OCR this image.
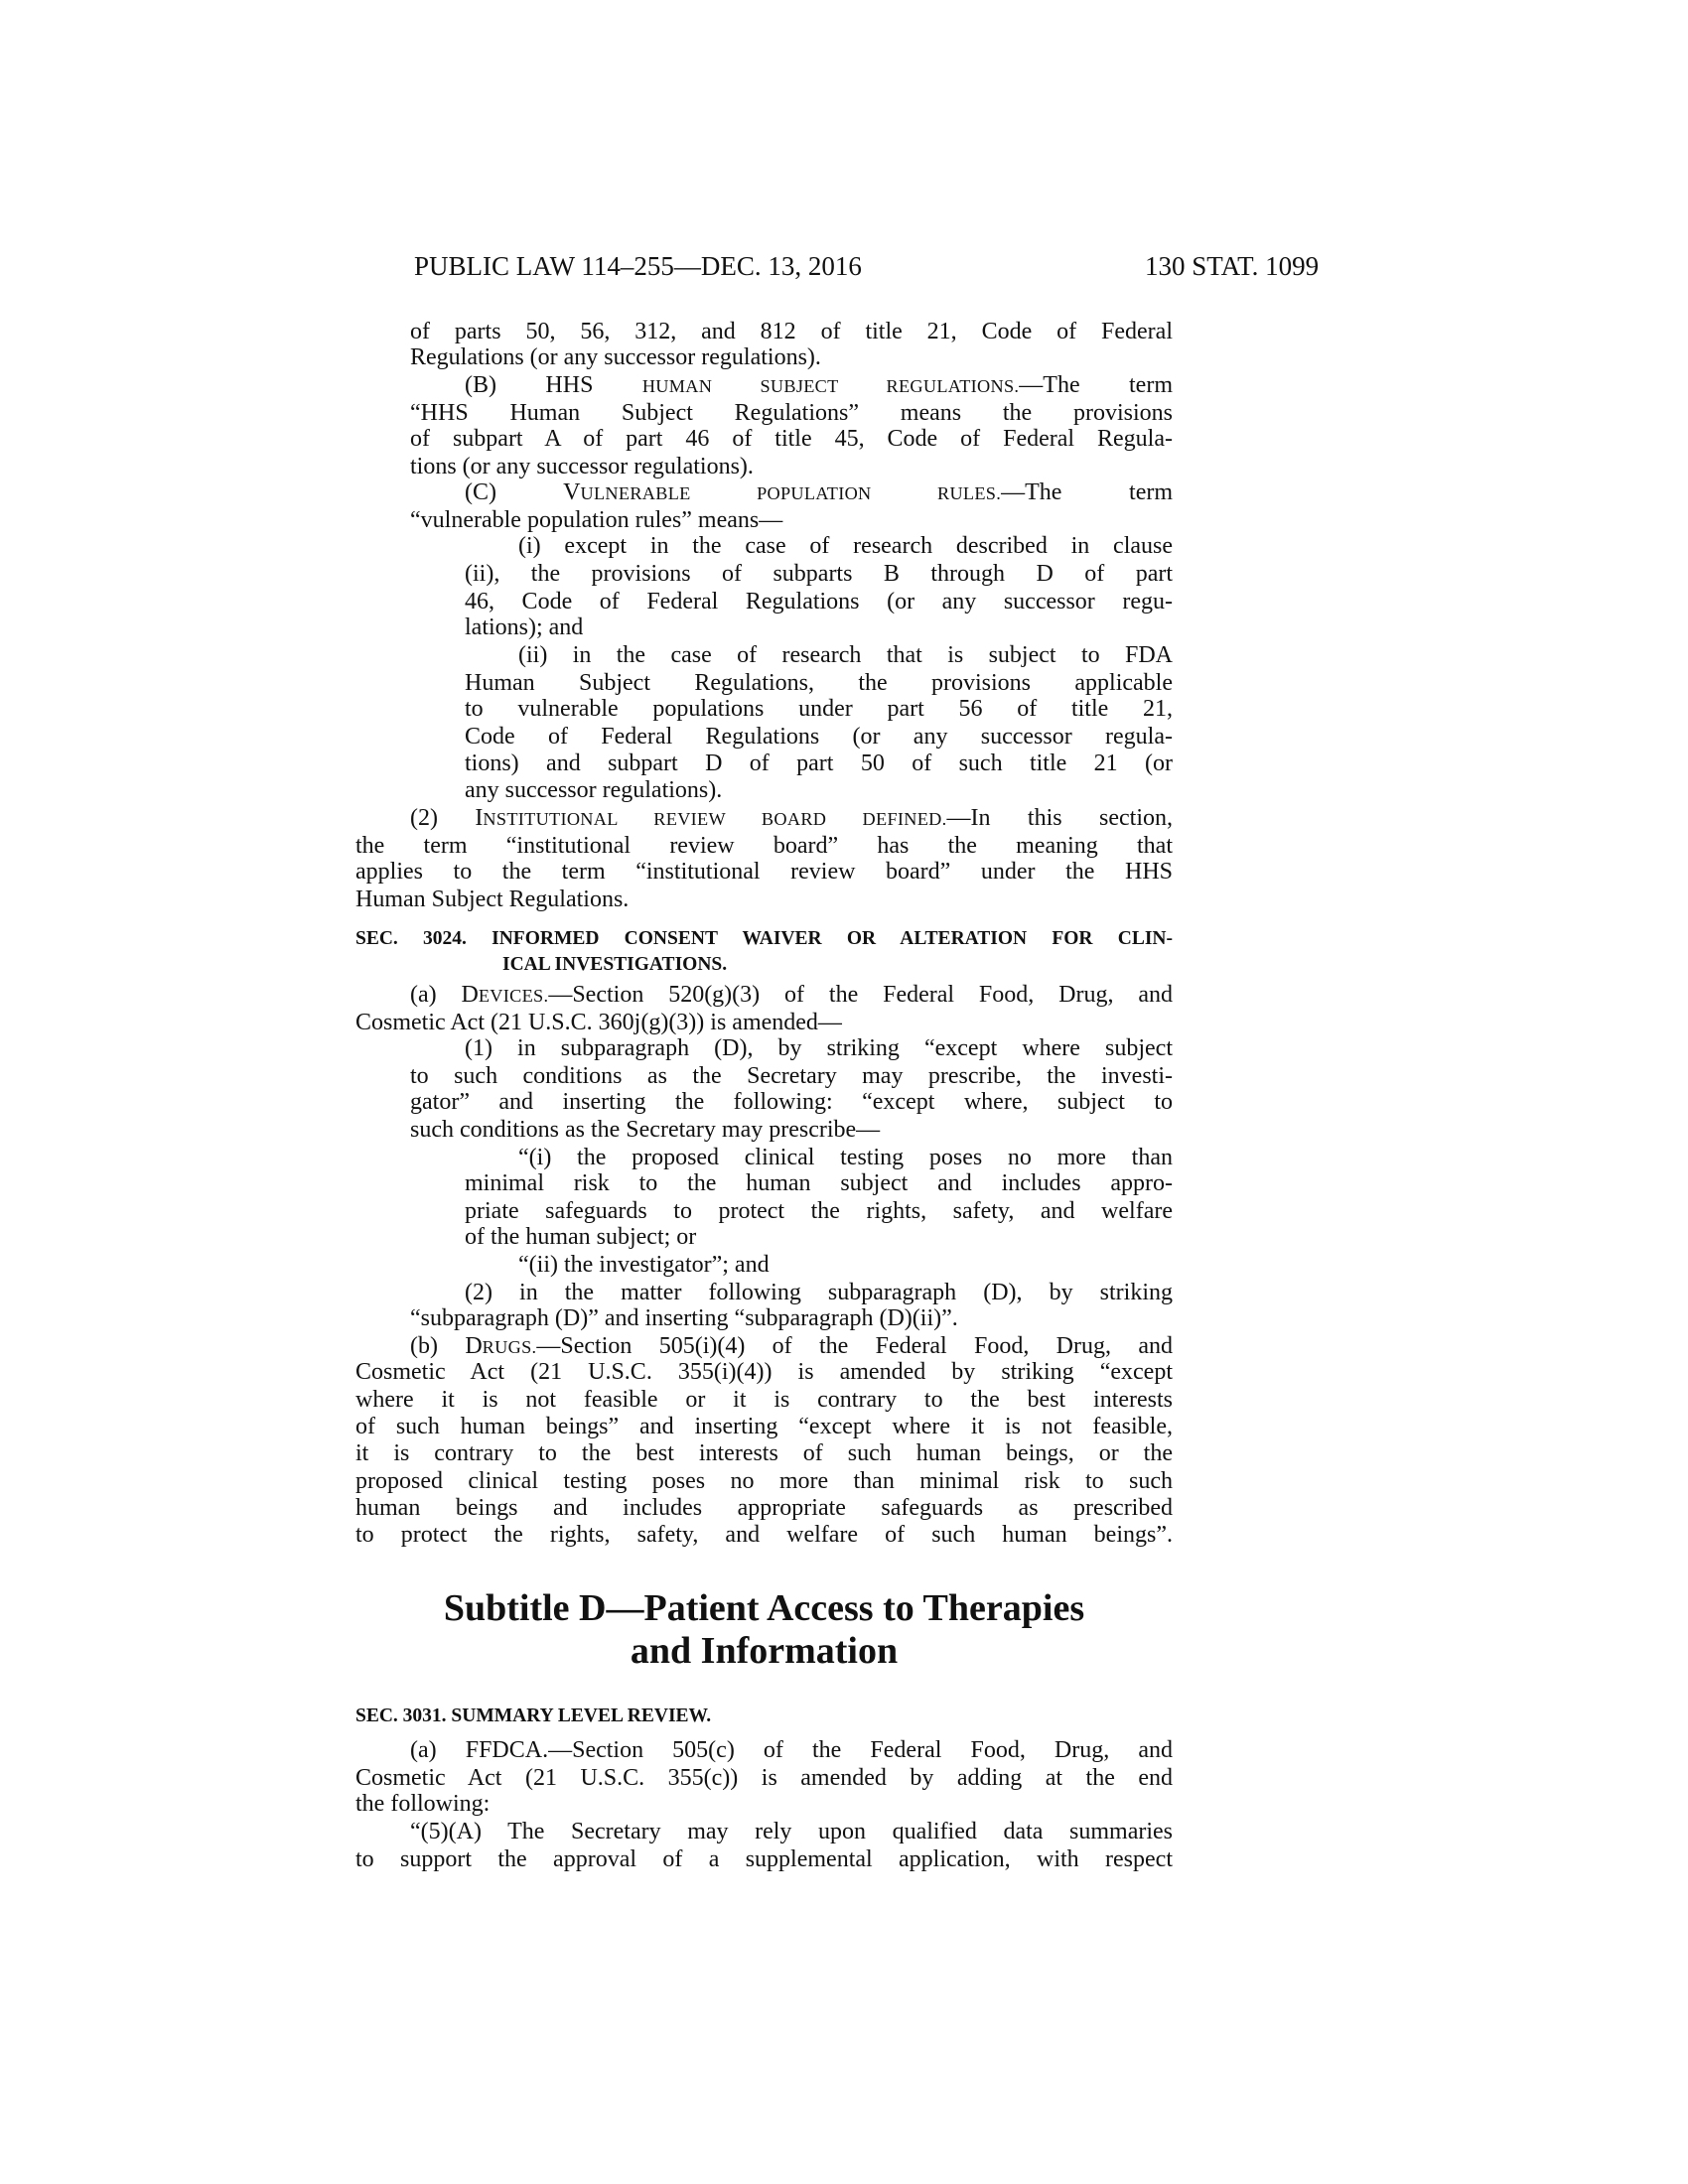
PUBLIC LAW 114–255—DEC. 13, 2016	130 STAT. 1099
SEC. 3024. INFORMED CONSENT WAIVER OR ALTERATION FOR CLIN-
ICAL INVESTIGATIONS.
Subtitle D—Patient Access to Therapies
and Information
SEC. 3031. SUMMARY LEVEL REVIEW.
of parts 50, 56, 312, and 812 of title 21, Code of Federal
Regulations (or any successor regulations).
(B) HHS HUMAN SUBJECT REGULATIONS.—The term
“HHS Human Subject Regulations” means the provisions
of subpart A of part 46 of title 45, Code of Federal Regula-
tions (or any successor regulations).
(C) VULNERABLE POPULATION RULES.—The term
“vulnerable population rules” means—
(i) except in the case of research described in clause
(ii), the provisions of subparts B through D of part
46, Code of Federal Regulations (or any successor regu-
lations); and
(ii) in the case of research that is subject to FDA
Human Subject Regulations, the provisions applicable
to vulnerable populations under part 56 of title 21,
Code of Federal Regulations (or any successor regula-
tions) and subpart D of part 50 of such title 21 (or
any successor regulations).
(2) INSTITUTIONAL REVIEW BOARD DEFINED.—In this section,
the term “institutional review board” has the meaning that
applies to the term “institutional review board” under the HHS
Human Subject Regulations.
(a) DEVICES.—Section 520(g)(3) of the Federal Food, Drug, and
Cosmetic Act (21 U.S.C. 360j(g)(3)) is amended—
(1) in subparagraph (D), by striking “except where subject
to such conditions as the Secretary may prescribe, the investi-
gator” and inserting the following: “except where, subject to
such conditions as the Secretary may prescribe—
“(i) the proposed clinical testing poses no more than
minimal risk to the human subject and includes appro-
priate safeguards to protect the rights, safety, and welfare
of the human subject; or
“(ii) the investigator”; and
(2) in the matter following subparagraph (D), by striking
“subparagraph (D)” and inserting “subparagraph (D)(ii)”.
(b) DRUGS.—Section 505(i)(4) of the Federal Food, Drug, and
Cosmetic Act (21 U.S.C. 355(i)(4)) is amended by striking “except
where it is not feasible or it is contrary to the best interests
of such human beings” and inserting “except where it is not feasible,
it is contrary to the best interests of such human beings, or the
proposed clinical testing poses no more than minimal risk to such
human beings and includes appropriate safeguards as prescribed
to protect the rights, safety, and welfare of such human beings”.
(a) FFDCA.—Section 505(c) of the Federal Food, Drug, and
Cosmetic Act (21 U.S.C. 355(c)) is amended by adding at the end
the following:
“(5)(A) The Secretary may rely upon qualified data summaries
to support the approval of a supplemental application, with respect
